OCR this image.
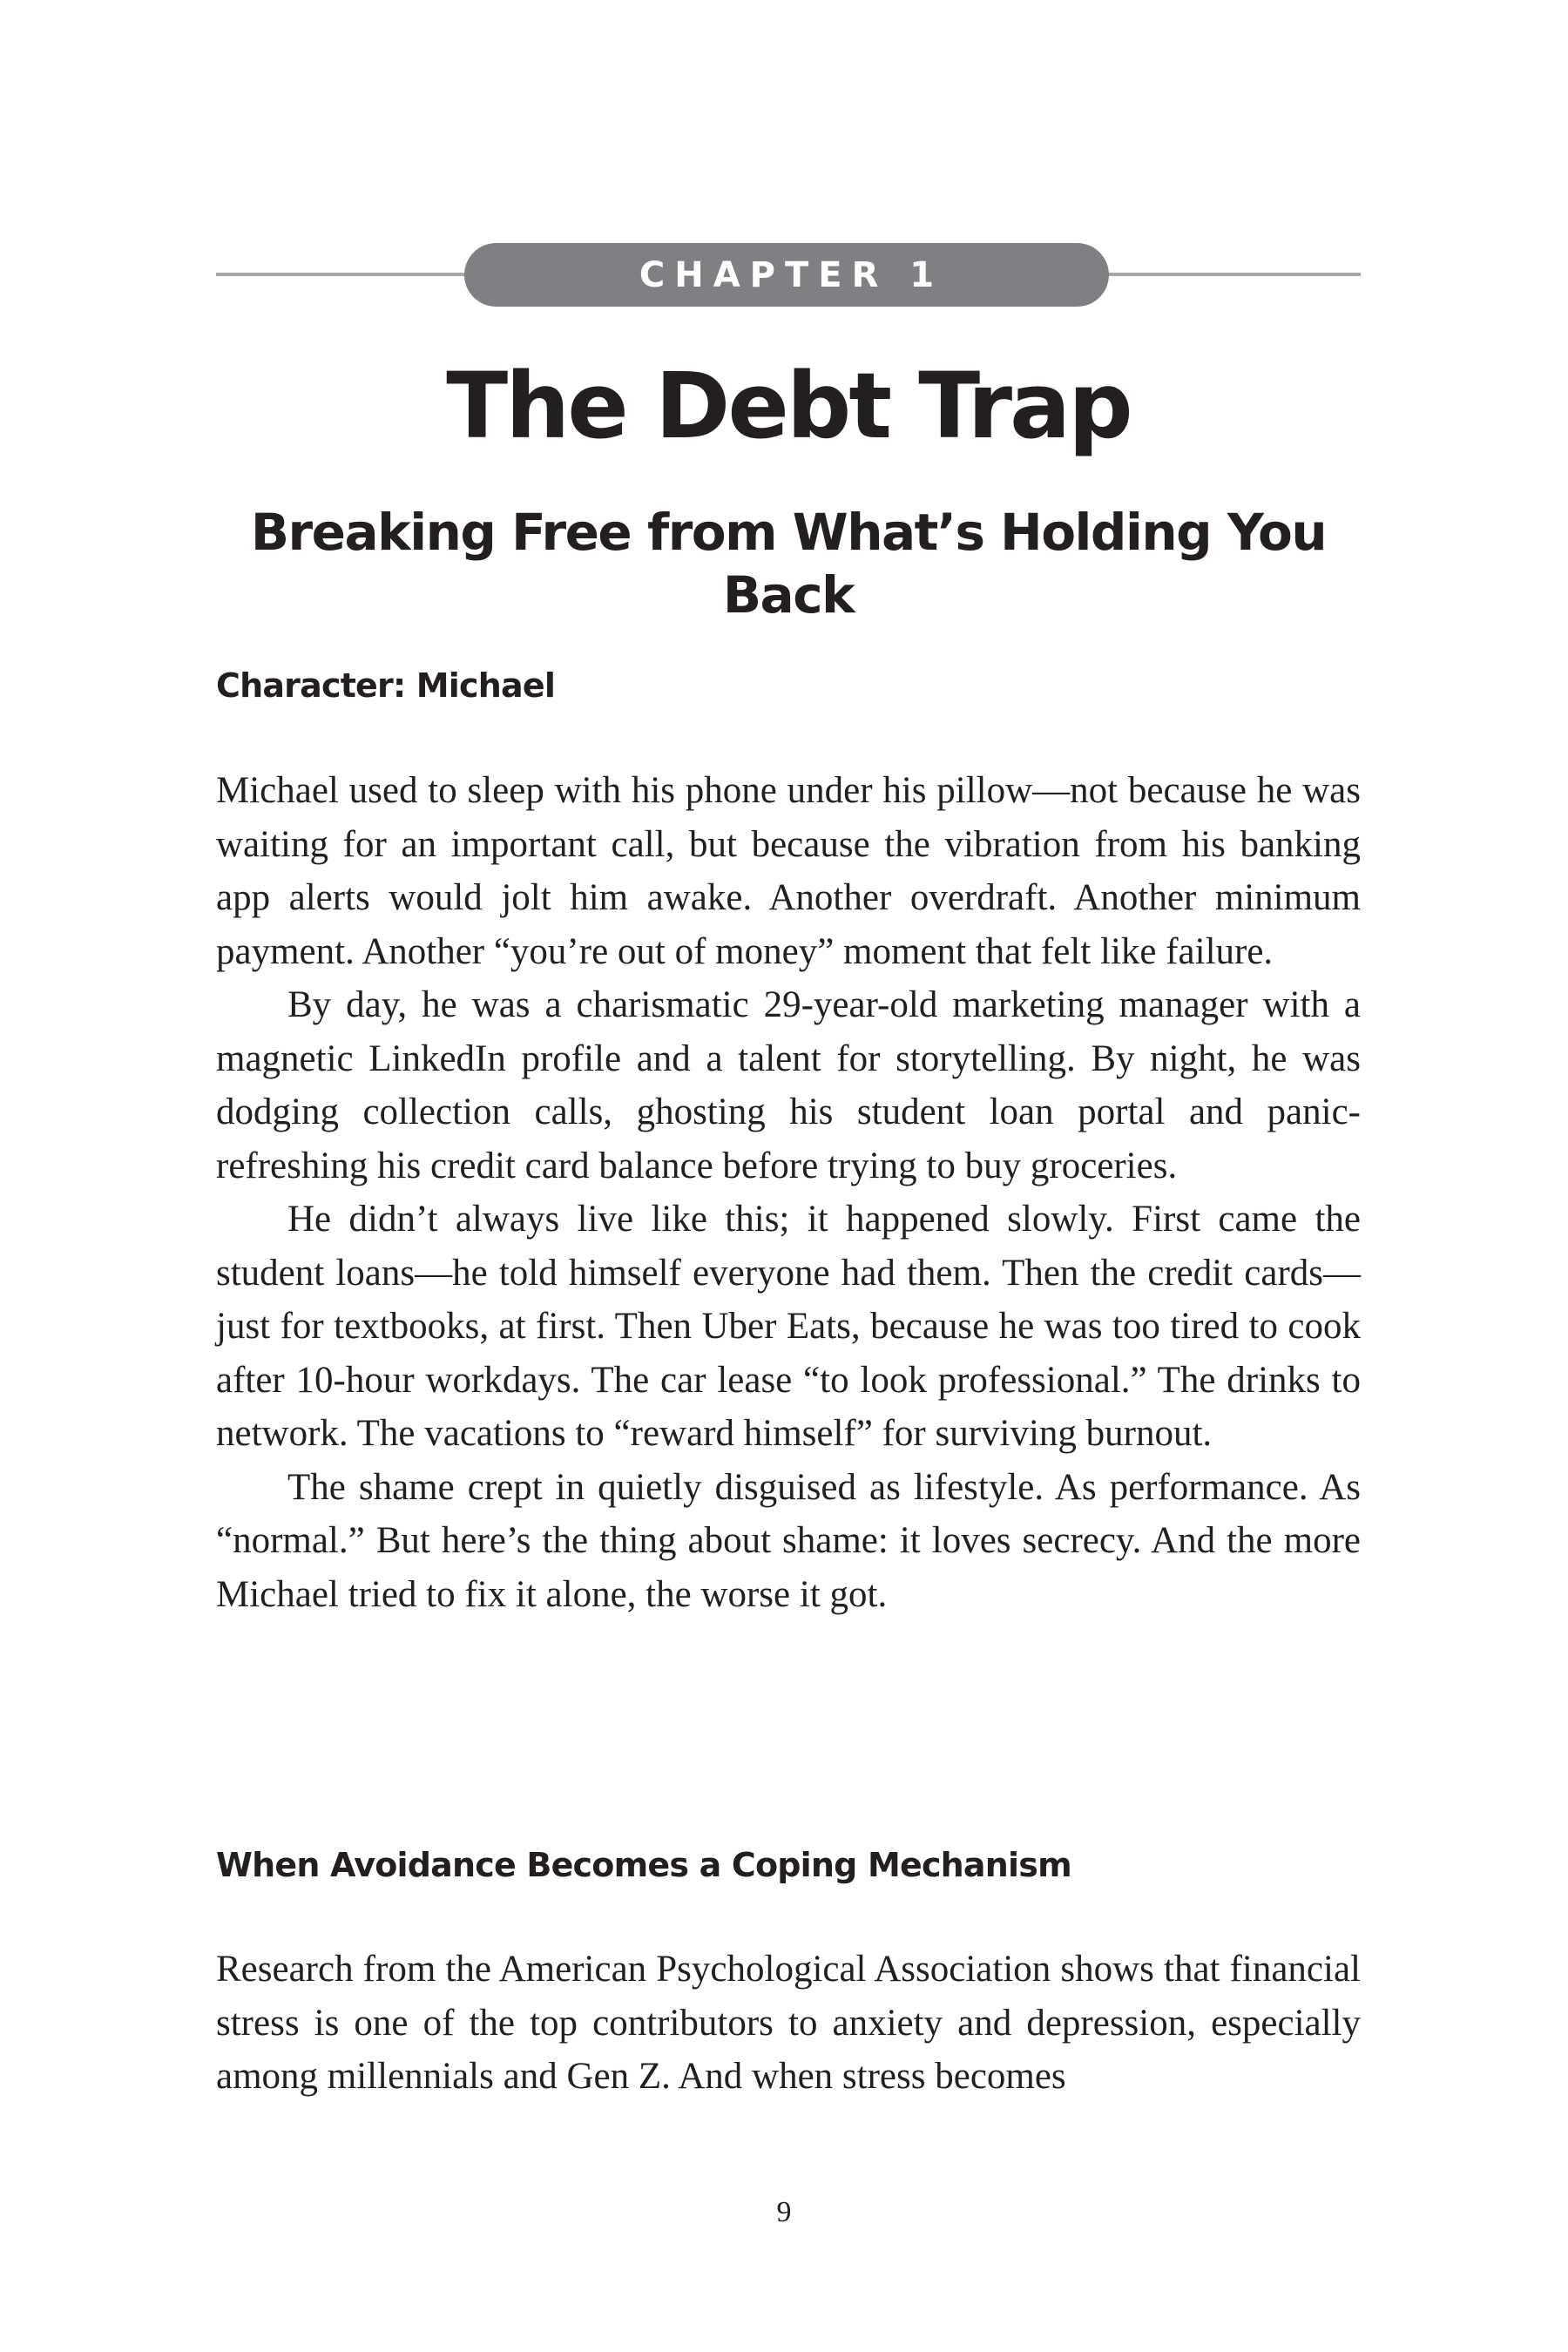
CHAPTER 1
The Debt Trap
Breaking Free from What’s Holding You Back
Character: Michael

Michael used to sleep with his phone under his pillow—not because he was waiting for an important call, but because the vibration from his banking app alerts would jolt him awake. Another overdraft. Another minimum payment. Another “you’re out of money” moment that felt like failure.

By day, he was a charismatic 29-year-old marketing manager with a magnetic LinkedIn profile and a talent for storytelling. By night, he was dodging collection calls, ghosting his student loan portal and panic-refreshing his credit card balance before trying to buy groceries.

He didn’t always live like this; it happened slowly. First came the student loans—he told himself everyone had them. Then the credit cards—just for textbooks, at first. Then Uber Eats, because he was too tired to cook after 10-hour workdays. The car lease “to look professional.” The drinks to network. The vacations to “reward himself” for surviving burnout.

The shame crept in quietly disguised as lifestyle. As performance. As “normal.” But here’s the thing about shame: it loves secrecy. And the more Michael tried to fix it alone, the worse it got.

When Avoidance Becomes a Coping Mechanism

Research from the American Psychological Association shows that financial stress is one of the top contributors to anxiety and depression, especially among millennials and Gen Z. And when stress becomes

9
